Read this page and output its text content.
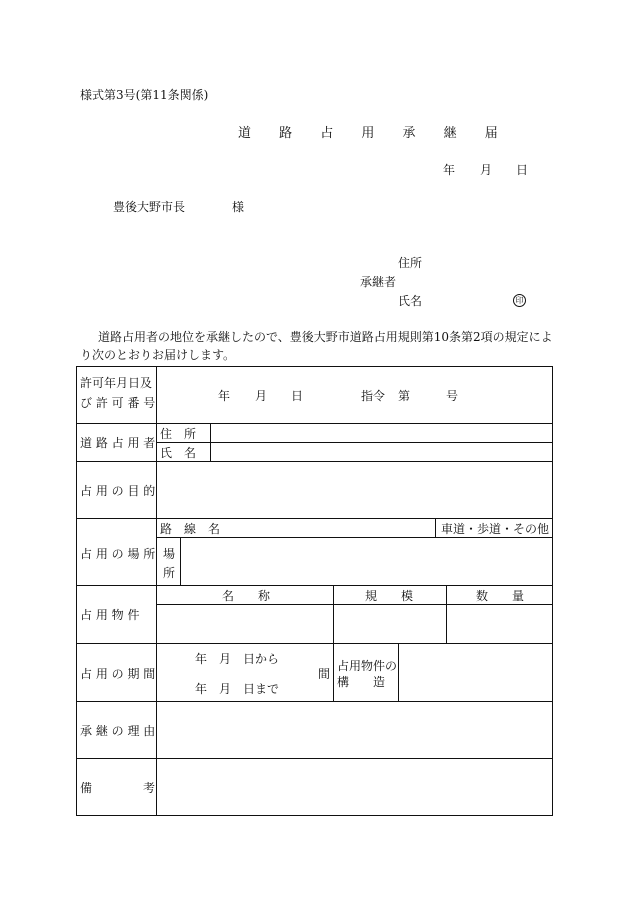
様式第3号(第11条関係)
道 路 占 用 承 継 届
年 月 日
豊後大野市長	様
住所
承継者
氏名	印
道路占用者の地位を承継したので、豊後大野市道路占用規則第10条第2項の規定により次のとおりお届けします。
許可年月日及
び 許 可 番 号	年 月 日	指令 第	号
道 路 占 用 者
住　所
氏　名
占 用 の 目 的
占 用 の 場 所
路　線　名	車道・歩道・その他
場
所
占 用 物 件
名　　称	規　　模	数　　量
占 用 の 期 間
年　月　日から
年　月　日まで
間
占用物件の
構　　造
承 継 の 理 由
備	考
